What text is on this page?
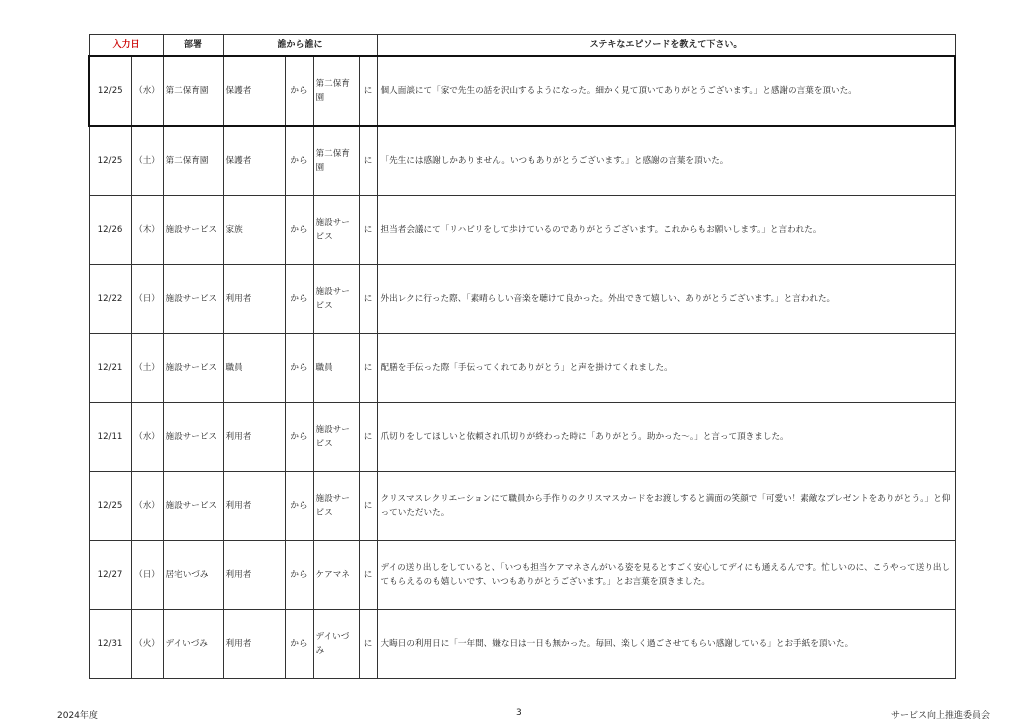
入力日		部署	誰から誰に				ステキなエピソードを教えて下さい。
12/25	（水）	第二保育園	保護者	から	第二保育園	に	個人面談にて「家で先生の話を沢山するようになった。細かく見て頂いてありがとうございます。」と感謝の言葉を頂いた。
12/25	（土）	第二保育園	保護者	から	第二保育園	に	「先生には感謝しかありません。いつもありがとうございます。」と感謝の言葉を頂いた。
12/26	（木）	施設サービス	家族	から	施設サービス	に	担当者会議にて「リハビリをして歩けているのでありがとうございます。これからもお願いします。」と言われた。
12/22	（日）	施設サービス	利用者	から	施設サービス	に	外出レクに行った際、「素晴らしい音楽を聴けて良かった。外出できて嬉しい、ありがとうございます。」と言われた。
12/21	（土）	施設サービス	職員	から	職員	に	配膳を手伝った際「手伝ってくれてありがとう」と声を掛けてくれました。
12/11	（水）	施設サービス	利用者	から	施設サービス	に	爪切りをしてほしいと依頼され爪切りが終わった時に「ありがとう。助かった～。」と言って頂きました。
12/25	（水）	施設サービス	利用者	から	施設サービス	に	クリスマスレクリエーションにて職員から手作りのクリスマスカードをお渡しすると満面の笑顔で「可愛い！素敵なプレゼントをありがとう。」と仰っていただいた。
12/27	（日）	居宅いづみ	利用者	から	ケアマネ	に	デイの送り出しをしていると、「いつも担当ケアマネさんがいる姿を見るとすごく安心してデイにも通えるんです。忙しいのに、こうやって送り出してもらえるのも嬉しいです、いつもありがとうございます。」とお言葉を頂きました。
12/31	（火）	デイいづみ	利用者	から	デイいづみ	に	大晦日の利用日に「一年間、嫌な日は一日も無かった。毎回、楽しく過ごさせてもらい感謝している」とお手紙を頂いた。
2024年度	3	サービス向上推進委員会
